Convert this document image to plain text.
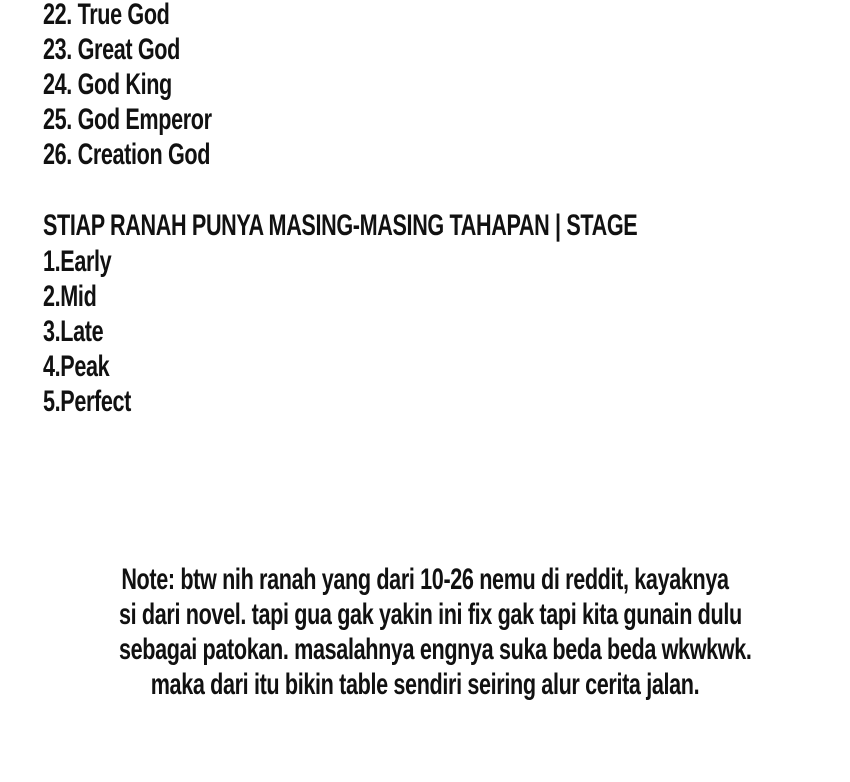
22. True God
23. Great God
24. God King
25. God Emperor
26. Creation God
STIAP RANAH PUNYA MASING-MASING TAHAPAN | STAGE
1.Early
2.Mid
3.Late
4.Peak
5.Perfect
Note: btw nih ranah yang dari 10-26 nemu di reddit, kayaknya
si dari novel. tapi gua gak yakin ini fix gak tapi kita gunain dulu
sebagai patokan. masalahnya engnya suka beda beda wkwkwk.
maka dari itu bikin table sendiri seiring alur cerita jalan.
